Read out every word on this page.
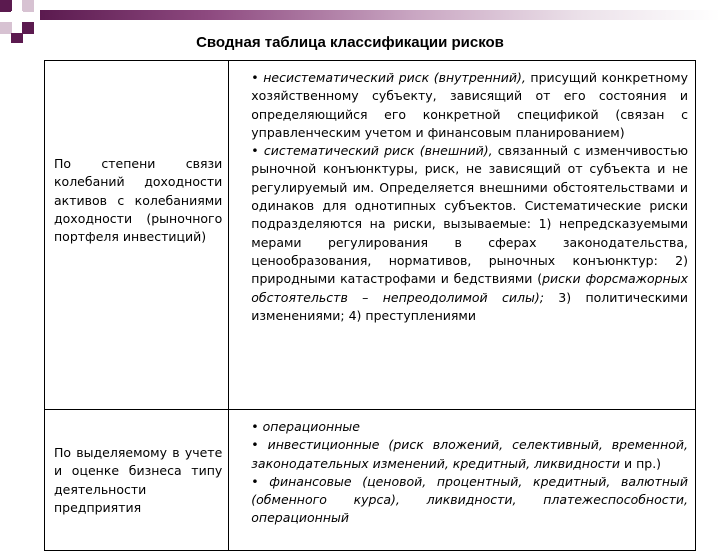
Сводная таблица классификации рисков
По степени связи колебаний доходности активов с колебаниями доходности (рыночного портфеля инвестиций)	• несистематический риск (внутренний), присущий конкретному хозяйственному субъекту, зависящий от его состояния и определяющийся его конкретной спецификой (связан с управленческим учетом и финансовым планированием)
• систематический риск (внешний), связанный с изменчивостью рыночной конъюнктуры, риск, не зависящий от субъекта и не регулируемый им. Определяется внешними обстоятельствами и одинаков для однотипных субъектов. Систематические риски подразделяются на риски, вызываемые: 1) непредсказуемыми мерами регулирования в сферах законодательства, ценообразования, нормативов, рыночных конъюнктур: 2) природными катастрофами и бедствиями (риски форсмажорных обстоятельств – непреодолимой силы); 3) политическими изменениями; 4) преступлениями

По выделяемому в учете и оценке бизнеса типу деятельности предприятия	• операционные
• инвестиционные (риск вложений, селективный, временной, законодательных изменений, кредитный, ликвидности и пр.)
• финансовые (ценовой, процентный, кредитный, валютный (обменного курса), ликвидности, платежеспособности, операционный
